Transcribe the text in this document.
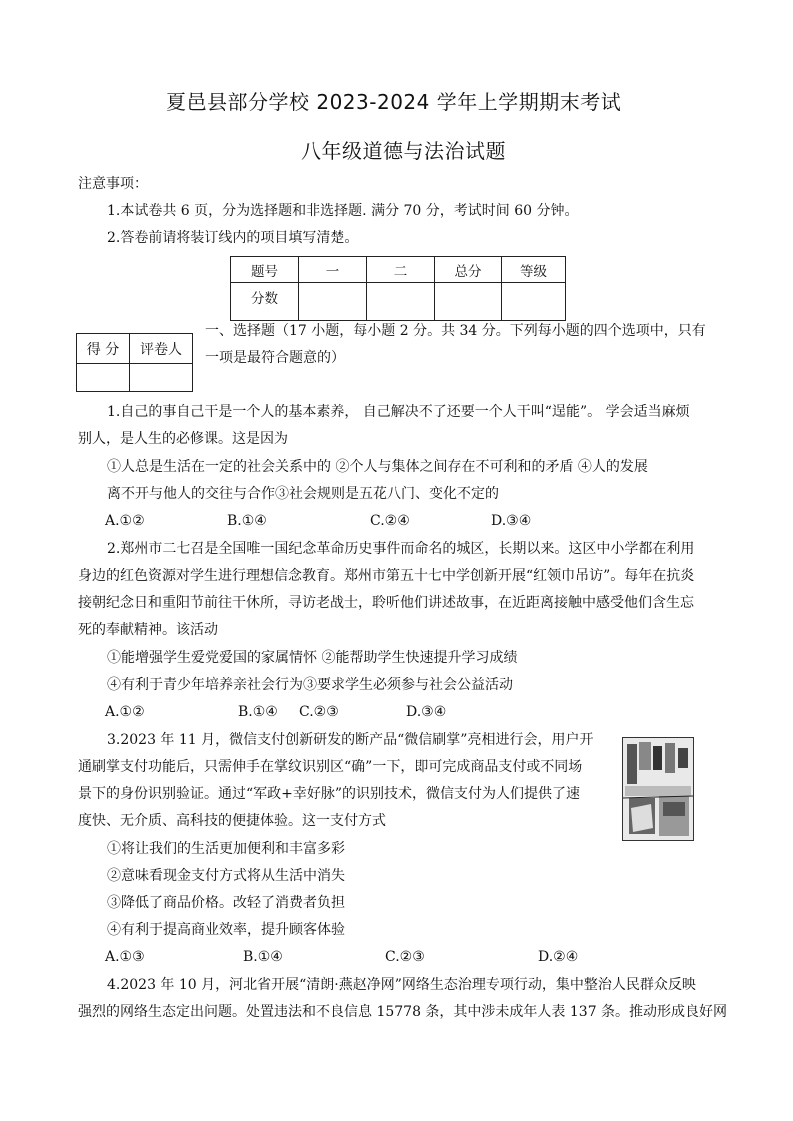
夏邑县部分学校 2023-2024 学年上学期期末考试
八年级道德与法治试题
注意事项：
1.本试卷共 6 页，分为选择题和非选择题. 满分 70 分，考试时间 60 分钟。
2.答卷前请将装订线内的项目填写清楚。
题号	一	二	总分	等级
分数				
得 分	评卷人

一、选择题（17 小题，每小题 2 分。共 34 分。下列每小题的四个选项中，只有
一项是最符合题意的）
1.自己的事自己干是一个人的基本素养， 自己解决不了还要一个人干叫“逞能”。 学会适当麻烦
别人，是人生的必修课。这是因为
①人总是生活在一定的社会关系中的 ②个人与集体之间存在不可利和的矛盾 ④人的发展
离不开与他人的交往与合作③社会规则是五花八门、变化不定的
A.①②	B.①④	C.②④	D.③④
2.郑州市二七召是全国唯一国纪念革命历史事件而命名的城区，长期以来。这区中小学都在利用
身边的红色资源对学生进行理想信念教育。郑州市第五十七中学创新开展“红领巾吊访”。每年在抗炎
接朝纪念日和重阳节前往干休所，寻访老战士，聆听他们讲述故事，在近距离接触中感受他们含生忘
死的奉献精神。该活动
①能增强学生爱党爱国的家属情怀 ②能帮助学生快速提升学习成绩
④有利于青少年培养亲社会行为③要求学生必须参与社会公益活动
A.①②	B.①④ C.②③	D.③④
3.2023 年 11 月，微信支付创新研发的断产品“微信刷掌”亮相进行会，用户开
通刷掌支付功能后，只需伸手在掌纹识别区“确”一下，即可完成商品支付或不同场
景下的身份识别验证。通过“军政+幸好脉”的识别技术，微信支付为人们提供了速
度快、无介质、高科技的便捷体验。这一支付方式
①将让我们的生活更加便利和丰富多彩
②意味看现金支付方式将从生活中消失
③降低了商品价格。改轻了消费者负担
④有利于提高商业效率，提升顾客体验
A.①③	B.①④	C.②③	D.②④
4.2023 年 10 月，河北省开展“清朗·燕赵净网”网络生态治理专项行动，集中整治人民群众反映
强烈的网络生态定出问题。处置违法和不良信息 15778 条，其中涉未成年人表 137 条。推动形成良好网
